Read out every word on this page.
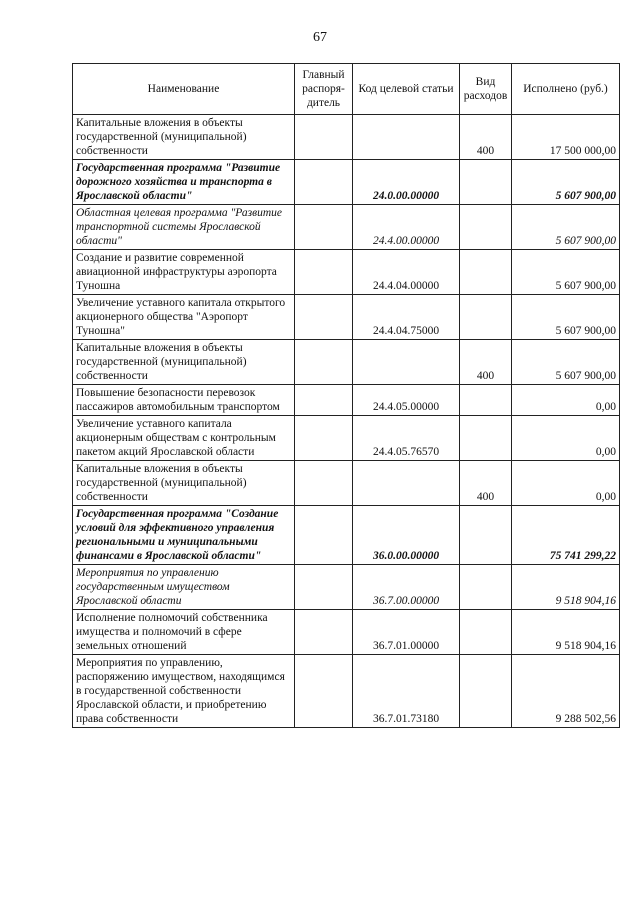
67
Наименование	Главный распоря-дитель	Код целевой статьи	Вид расходов	Исполнено (руб.)
Капитальные вложения в объекты государственной (муниципальной) собственности			400	17 500 000,00
Государственная программа "Развитие дорожного хозяйства и транспорта в Ярославской области"		24.0.00.00000		5 607 900,00
Областная целевая программа "Развитие транспортной системы Ярославской области"		24.4.00.00000		5 607 900,00
Создание и развитие современной авиационной инфраструктуры аэропорта Туношна		24.4.04.00000		5 607 900,00
Увеличение уставного капитала открытого акционерного общества "Аэропорт Туношна"		24.4.04.75000		5 607 900,00
Капитальные вложения в объекты государственной (муниципальной) собственности			400	5 607 900,00
Повышение безопасности перевозок пассажиров автомобильным транспортом		24.4.05.00000		0,00
Увеличение уставного капитала акционерным обществам с контрольным пакетом акций Ярославской области		24.4.05.76570		0,00
Капитальные вложения в объекты государственной (муниципальной) собственности			400	0,00
Государственная программа "Создание условий для эффективного управления региональными и муниципальными финансами в Ярославской области"		36.0.00.00000		75 741 299,22
Мероприятия по управлению государственным имуществом Ярославской области		36.7.00.00000		9 518 904,16
Исполнение полномочий собственника имущества и полномочий в сфере земельных отношений		36.7.01.00000		9 518 904,16
Мероприятия по управлению, распоряжению имуществом, находящимся в государственной собственности Ярославской области, и приобретению права собственности		36.7.01.73180		9 288 502,56
